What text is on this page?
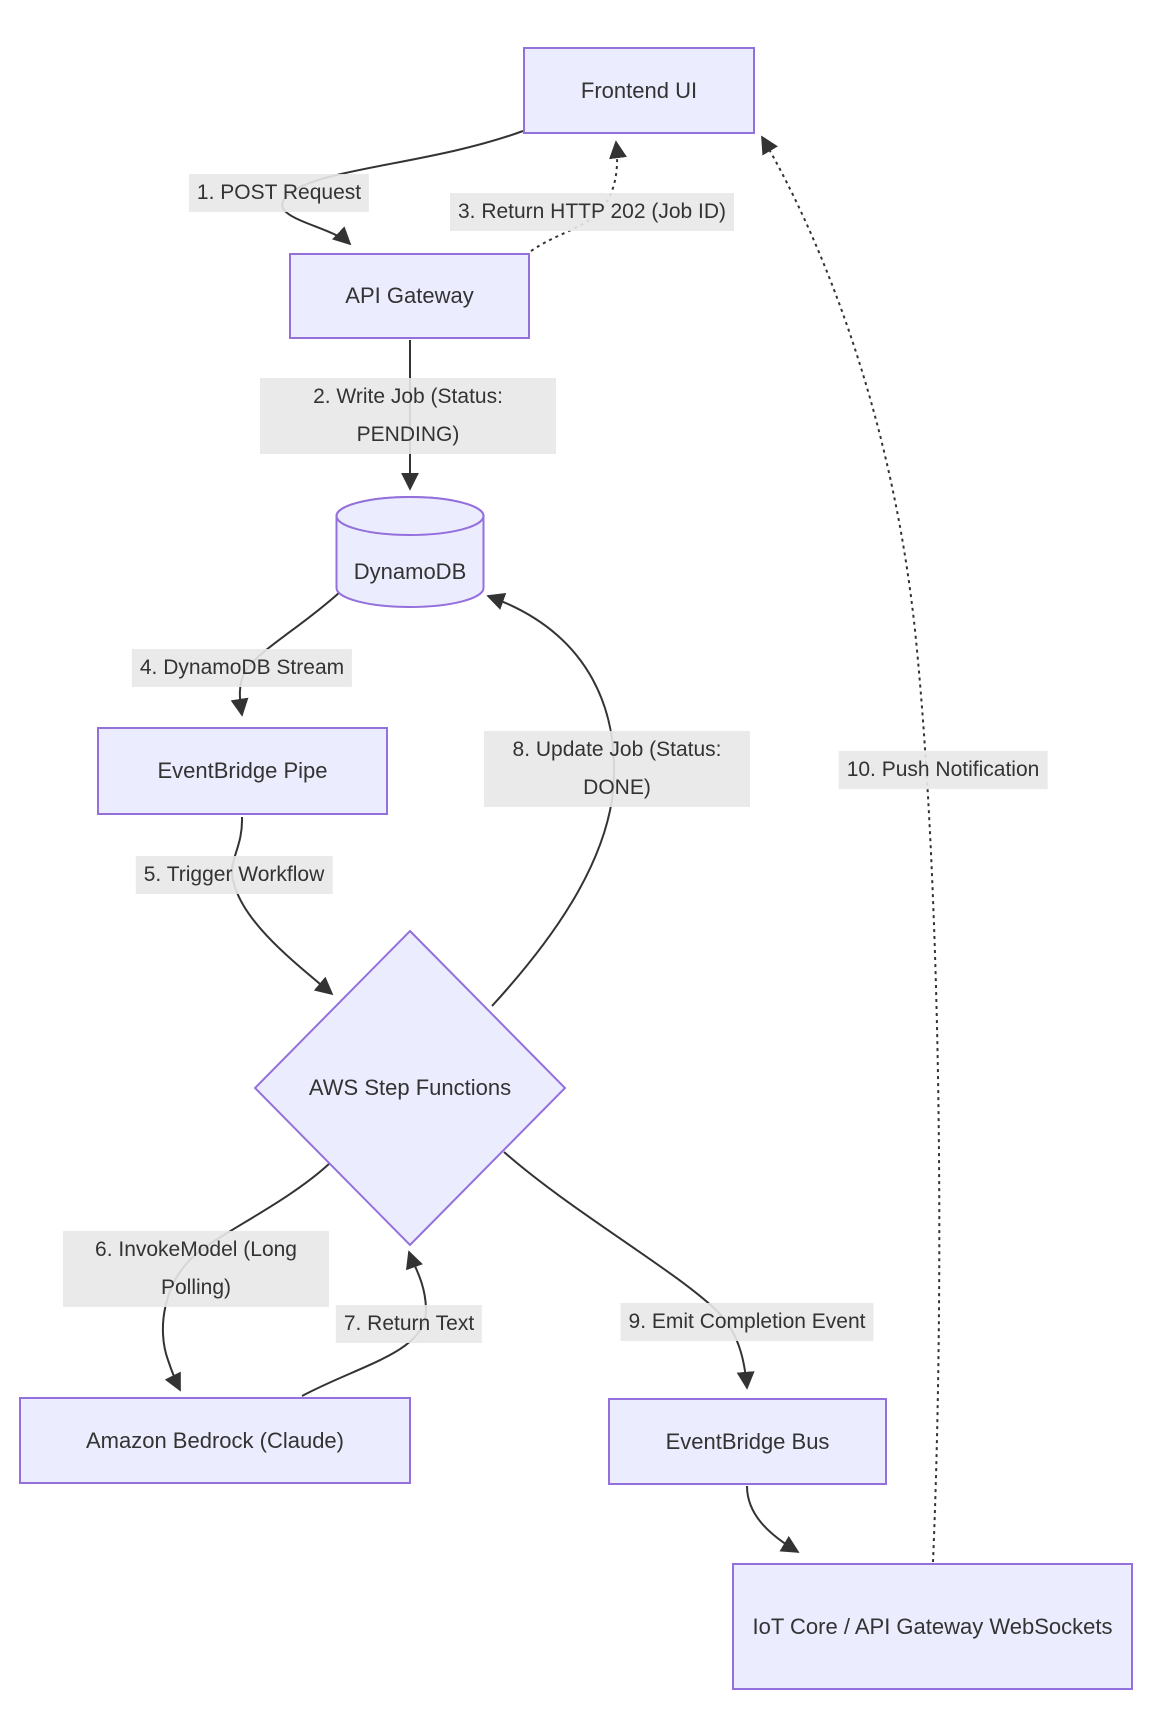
Frontend UI
API Gateway
EventBridge Pipe
Amazon Bedrock (Claude)	EventBridge Bus
IoT Core / API Gateway WebSockets
DynamoDB
AWS Step Functions
1. POST Request
2. Write Job (Status: PENDING)
3. Return HTTP 202 (Job ID)
4. DynamoDB Stream
5. Trigger Workflow
6. InvokeModel (Long Polling)
7. Return Text
8. Update Job (Status: DONE)
9. Emit Completion Event
10. Push Notification
